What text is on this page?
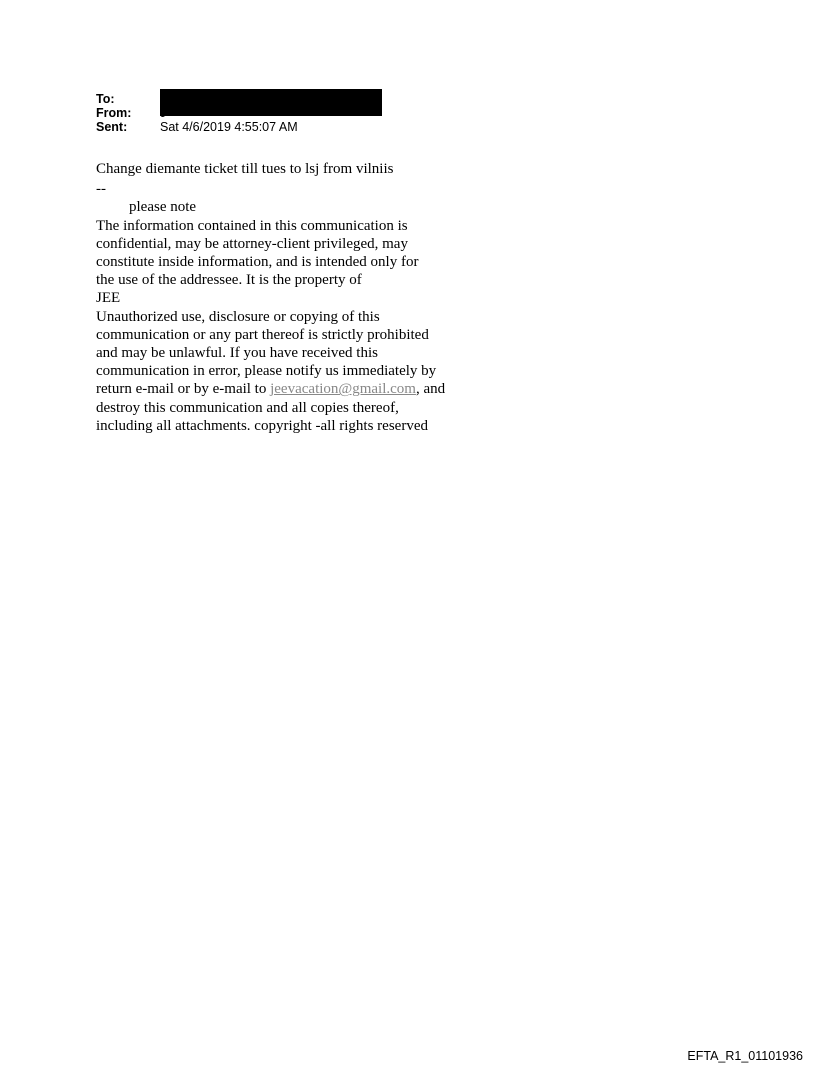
To:
From: J
Sent:	Sat 4/6/2019 4:55:07 AM
Change diemante ticket till tues to lsj from vilniis
--
please note
The information contained in this communication is
confidential, may be attorney-client privileged, may
constitute inside information, and is intended only for
the use of the addressee. It is the property of
JEE
Unauthorized use, disclosure or copying of this
communication or any part thereof is strictly prohibited
and may be unlawful. If you have received this
communication in error, please notify us immediately by
return e-mail or by e-mail to jeevacation@gmail.com, and
destroy this communication and all copies thereof,
including all attachments. copyright -all rights reserved
EFTA_R1_01101936
